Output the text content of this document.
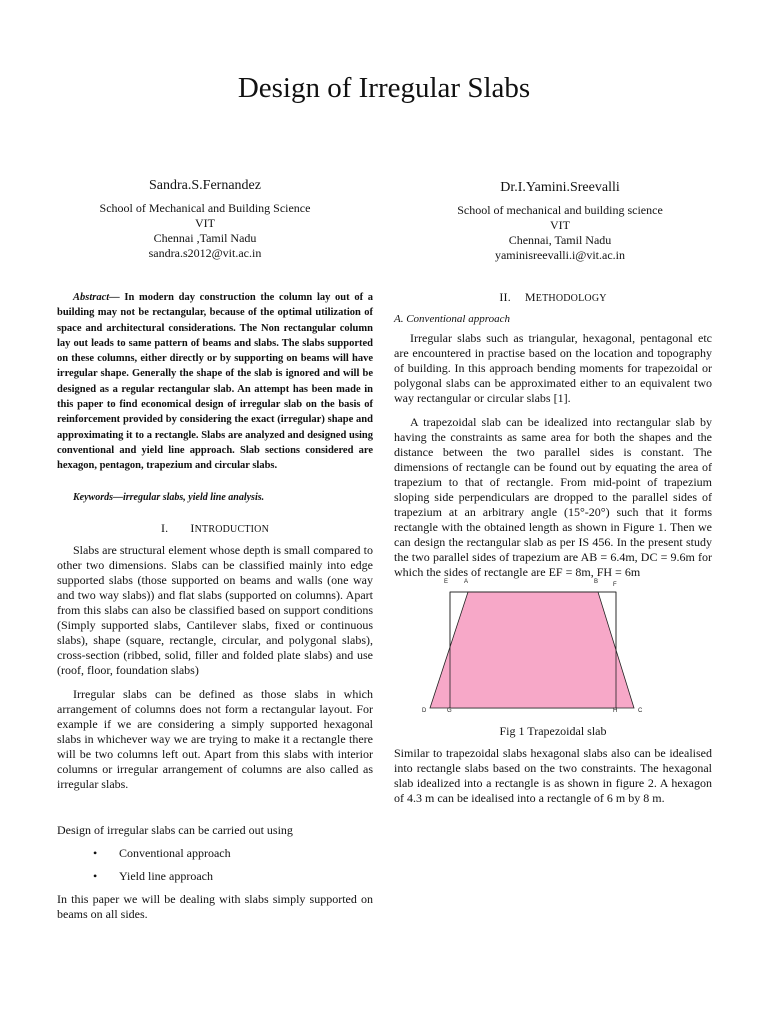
Design of Irregular Slabs
Sandra.S.Fernandez
School of Mechanical and Building Science
VIT
Chennai ,Tamil Nadu
sandra.s2012@vit.ac.in
Dr.I.Yamini.Sreevalli
School of mechanical and building science
VIT
Chennai, Tamil Nadu
yaminisreevalli.i@vit.ac.in

Abstract— In modern day construction the column lay out of a building may not be rectangular, because of the optimal utilization of space and architectural considerations. The Non rectangular column lay out leads to same pattern of beams and slabs. The slabs supported on these columns, either directly or by supporting on beams will have irregular shape. Generally the shape of the slab is ignored and will be designed as a regular rectangular slab. An attempt has been made in this paper to find economical design of irregular slab on the basis of reinforcement provided by considering the exact (irregular) shape and approximating it to a rectangle. Slabs are analyzed and designed using conventional and yield line approach. Slab sections considered are hexagon, pentagon, trapezium and circular slabs.

Keywords—irregular slabs, yield line analysis.

I. INTRODUCTION

Slabs are structural element whose depth is small compared to other two dimensions. Slabs can be classified mainly into edge supported slabs (those supported on beams and walls (one way and two way slabs)) and flat slabs (supported on columns). Apart from this slabs can also be classified based on support conditions (Simply supported slabs, Cantilever slabs, fixed or continuous slabs), shape (square, rectangle, circular, and polygonal slabs), cross-section (ribbed, solid, filler and folded plate slabs) and use (roof, floor, foundation slabs)

Irregular slabs can be defined as those slabs in which arrangement of columns does not form a rectangular layout. For example if we are considering a simply supported hexagonal slabs in whichever way we are trying to make it a rectangle there will be two columns left out. Apart from this slabs with interior columns or irregular arrangement of columns are also called as irregular slabs.

Design of irregular slabs can be carried out using

• Conventional approach
• Yield line approach

In this paper we will be dealing with slabs simply supported on beams on all sides.

II. METHODOLOGY
A. Conventional approach

Irregular slabs such as triangular, hexagonal, pentagonal etc are encountered in practise based on the location and topography of building. In this approach bending moments for trapezoidal or polygonal slabs can be approximated either to an equivalent two way rectangular or circular slabs [1].

A trapezoidal slab can be idealized into rectangular slab by having the constraints as same area for both the shapes and the distance between the two parallel sides is constant. The dimensions of rectangle can be found out by equating the area of trapezium to that of rectangle. From mid-point of trapezium sloping side perpendiculars are dropped to the parallel sides of trapezium at an arbitrary angle (15°-20°) such that it forms rectangle with the obtained length as shown in Figure 1. Then we can design the rectangular slab as per IS 456. In the present study the two parallel sides of trapezium are AB = 6.4m, DC = 9.6m for which the sides of rectangle are EF = 8m, FH = 6m

E	A	B F
D	G	H	C
Fig 1 Trapezoidal slab

Similar to trapezoidal slabs hexagonal slabs also can be idealised into rectangle slabs based on the two constraints. The hexagonal slab idealized into a rectangle is as shown in figure 2. A hexagon of 4.3 m can be idealised into a rectangle of 6 m by 8 m.
